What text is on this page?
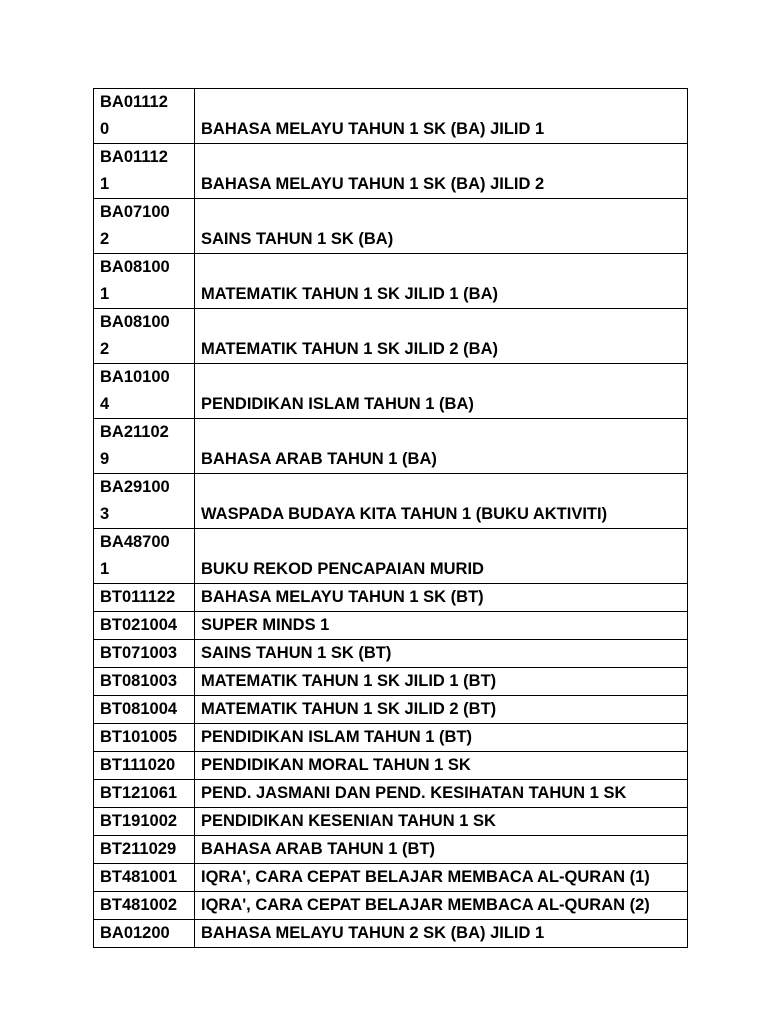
BA01112
0	BAHASA MELAYU TAHUN 1 SK (BA) JILID 1

BA01112
1	BAHASA MELAYU TAHUN 1 SK (BA) JILID 2

BA07100
2	SAINS TAHUN 1 SK (BA)

BA08100
1	MATEMATIK TAHUN 1 SK JILID 1 (BA)

BA08100
2	MATEMATIK TAHUN 1 SK JILID 2 (BA)

BA10100
4	PENDIDIKAN ISLAM TAHUN 1 (BA)

BA21102
9	BAHASA ARAB TAHUN 1 (BA)

BA29100
3	WASPADA BUDAYA KITA TAHUN 1 (BUKU AKTIVITI)

BA48700
1	BUKU REKOD PENCAPAIAN MURID

BT011122	BAHASA MELAYU TAHUN 1 SK (BT)

BT021004	SUPER MINDS 1

BT071003	SAINS TAHUN 1 SK (BT)

BT081003	MATEMATIK TAHUN 1 SK JILID 1 (BT)

BT081004	MATEMATIK TAHUN 1 SK JILID 2 (BT)

BT101005	PENDIDIKAN ISLAM TAHUN 1 (BT)

BT111020	PENDIDIKAN MORAL TAHUN 1 SK

BT121061	PEND. JASMANI DAN PEND. KESIHATAN TAHUN 1 SK

BT191002	PENDIDIKAN KESENIAN TAHUN 1 SK

BT211029	BAHASA ARAB TAHUN 1 (BT)

BT481001	IQRA', CARA CEPAT BELAJAR MEMBACA AL-QURAN (1)

BT481002	IQRA', CARA CEPAT BELAJAR MEMBACA AL-QURAN (2)

BA01200	BAHASA MELAYU TAHUN 2 SK (BA) JILID 1
